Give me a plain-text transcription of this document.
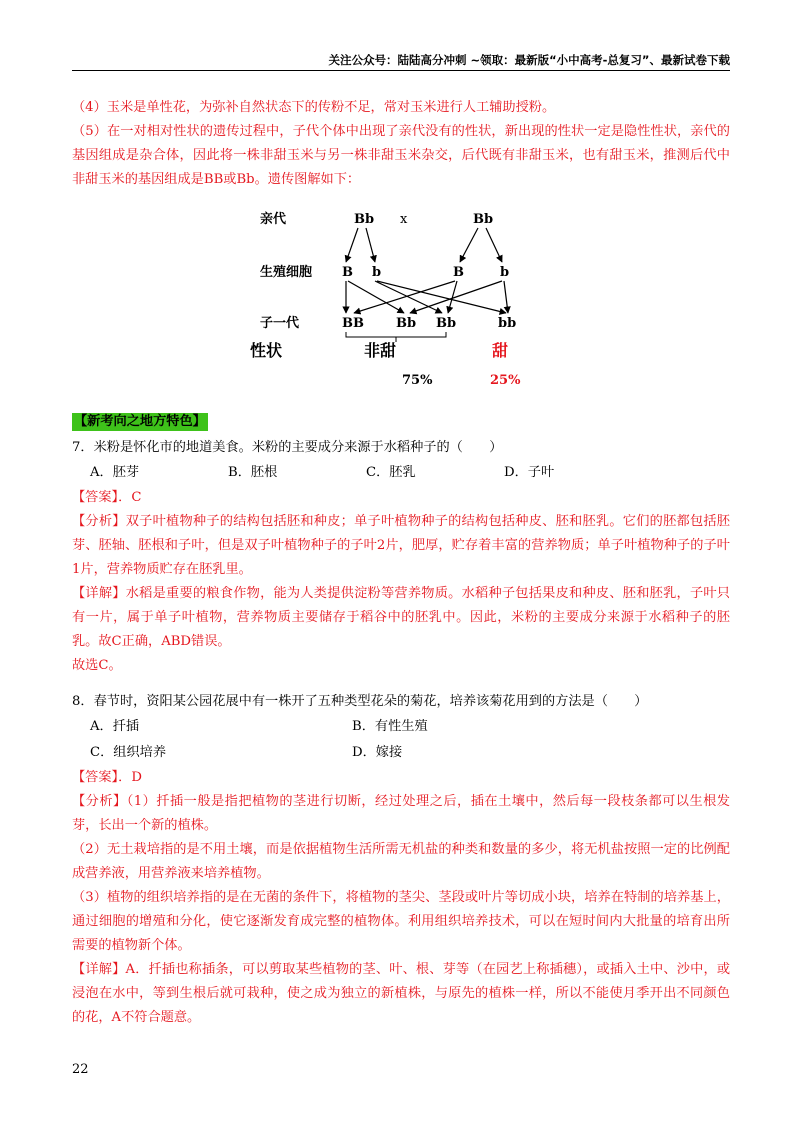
关注公众号：陆陆高分冲刺 ~领取：最新版“小中高考-总复习”、最新试卷下载

（4）玉米是单性花，为弥补自然状态下的传粉不足，常对玉米进行人工辅助授粉。

（5）在一对相对性状的遗传过程中，子代个体中出现了亲代没有的性状，新出现的性状一定是隐性性状，亲代的基因组成是杂合体，因此将一株非甜玉米与另一株非甜玉米杂交，后代既有非甜玉米，也有甜玉米，推测后代中非甜玉米的基因组成是BB或Bb。遗传图解如下：

亲代
生殖细胞
子一代
性状
Bb x	Bb
B b	B	b
BB Bb Bb	bb
非甜	甜
75%	25%
【新考向之地方特色】

7．米粉是怀化市的地道美食。米粉的主要成分来源于水稻种子的（　　）

A．胚芽	B．胚根	C．胚乳	D．子叶

【答案】．C

【分析】双子叶植物种子的结构包括胚和种皮；单子叶植物种子的结构包括种皮、胚和胚乳。它们的胚都包括胚芽、胚轴、胚根和子叶，但是双子叶植物种子的子叶2片，肥厚，贮存着丰富的营养物质；单子叶植物种子的子叶1片，营养物质贮存在胚乳里。

【详解】水稻是重要的粮食作物，能为人类提供淀粉等营养物质。水稻种子包括果皮和种皮、胚和胚乳，子叶只有一片，属于单子叶植物，营养物质主要储存于稻谷中的胚乳中。因此，米粉的主要成分来源于水稻种子的胚乳。故C正确，ABD错误。

故选C。

8．春节时，资阳某公园花展中有一株开了五种类型花朵的菊花，培养该菊花用到的方法是（　　）

A．扦插	B．有性生殖
C．组织培养	D．嫁接

【答案】．D

【分析】（1）扦插一般是指把植物的茎进行切断，经过处理之后，插在土壤中，然后每一段枝条都可以生根发芽，长出一个新的植株。

（2）无土栽培指的是不用土壤，而是依据植物生活所需无机盐的种类和数量的多少，将无机盐按照一定的比例配成营养液，用营养液来培养植物。

（3）植物的组织培养指的是在无菌的条件下，将植物的茎尖、茎段或叶片等切成小块，培养在特制的培养基上，通过细胞的增殖和分化，使它逐渐发育成完整的植物体。利用组织培养技术，可以在短时间内大批量的培育出所需要的植物新个体。

【详解】A．扦插也称插条，可以剪取某些植物的茎、叶、根、芽等（在园艺上称插穗），或插入土中、沙中，或浸泡在水中，等到生根后就可栽种，使之成为独立的新植株，与原先的植株一样，所以不能使月季开出不同颜色的花，A不符合题意。

22
